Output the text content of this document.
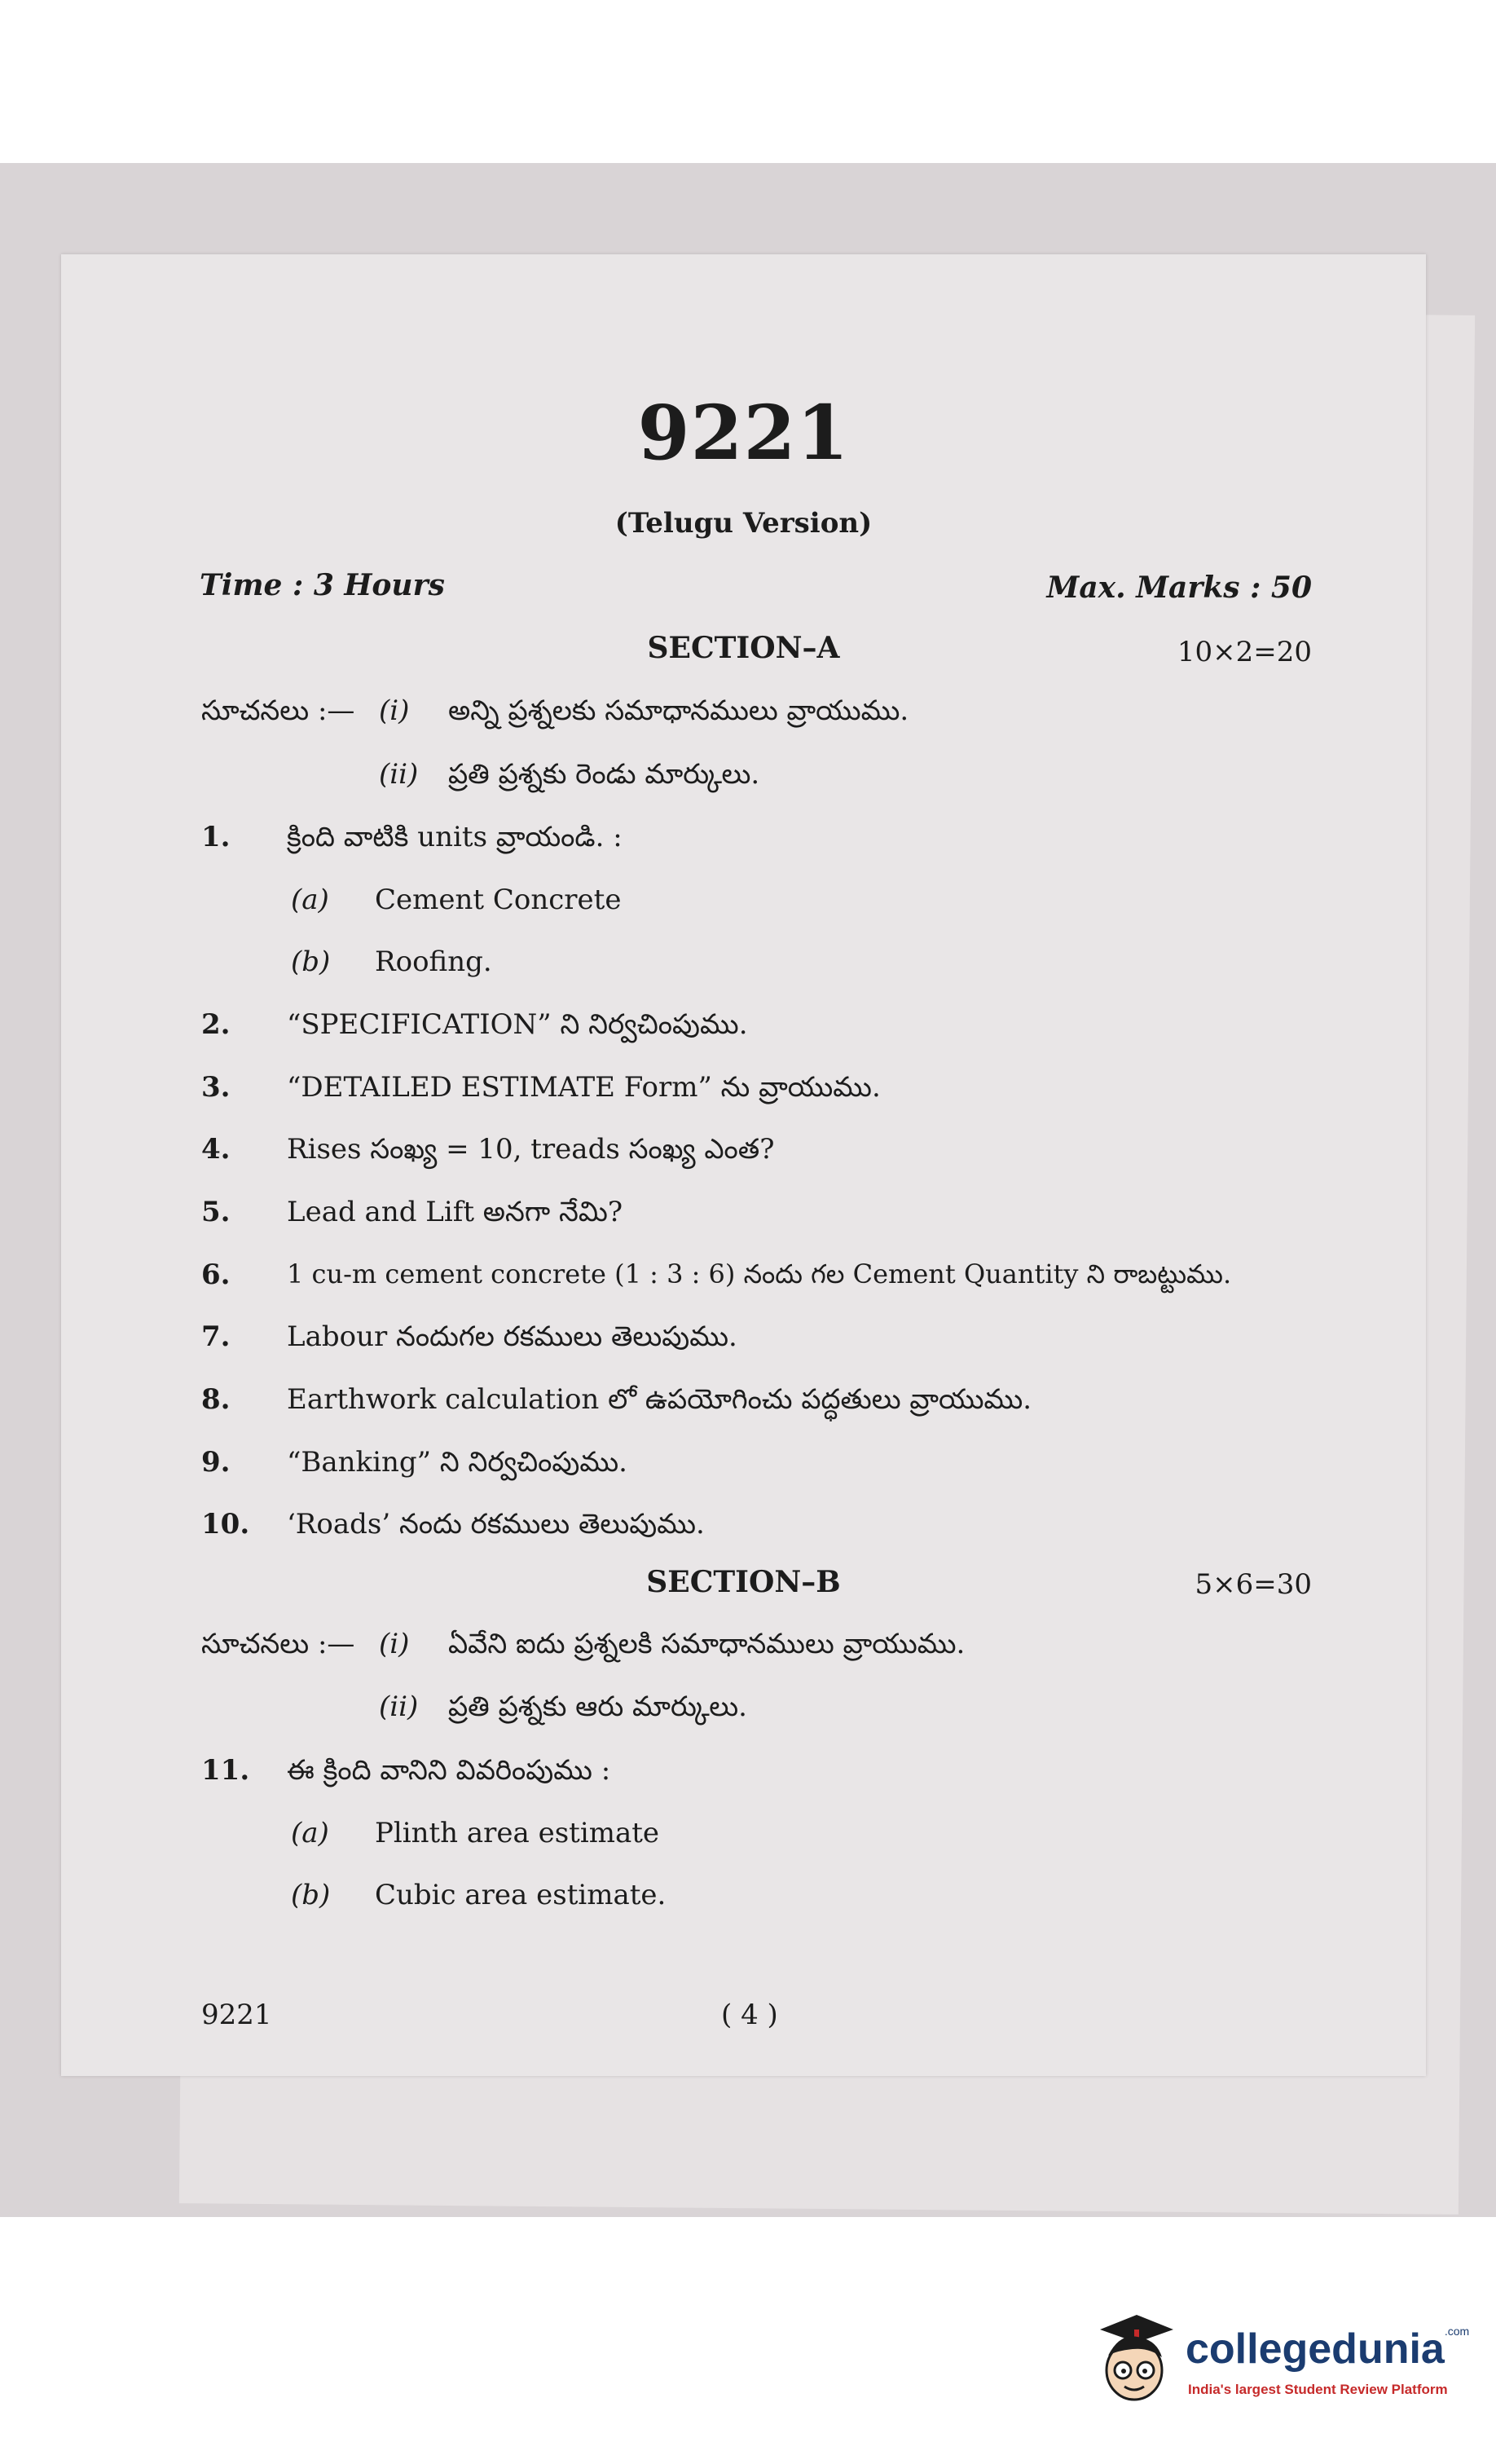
9221
(Telugu Version)
Time : 3 Hours	Max. Marks : 50
SECTION–A	10×2=20
సూచనలు :— (i) అన్ని ప్రశ్నలకు సమాధానములు వ్రాయుము.
(ii) ప్రతి ప్రశ్నకు రెండు మార్కులు.
1. క్రింది వాటికి units వ్రాయండి. :
(a) Cement Concrete
(b) Roofing.
2. “SPECIFICATION” ని నిర్వచింపుము.
3. “DETAILED ESTIMATE Form” ను వ్రాయుము.
4. Rises సంఖ్య = 10, treads సంఖ్య ఎంత?
5. Lead and Lift అనగా నేమి?
6. 1 cu-m cement concrete (1 : 3 : 6) నందు గల Cement Quantity ని రాబట్టుము.
7. Labour నందుగల రకములు తెలుపుము.
8. Earthwork calculation లో ఉపయోగించు పద్ధతులు వ్రాయుము.
9. “Banking” ని నిర్వచింపుము.
10. ‘Roads’ నందు రకములు తెలుపుము.
SECTION–B	5×6=30
సూచనలు :— (i) ఏవేని ఐదు ప్రశ్నలకి సమాధానములు వ్రాయుము.
(ii) ప్రతి ప్రశ్నకు ఆరు మార్కులు.
11. ఈ క్రింది వానిని వివరింపుము :
(a) Plinth area estimate
(b) Cubic area estimate.
9221	( 4 )
collegedunia$^{.com}$
India's largest Student Review Platform
